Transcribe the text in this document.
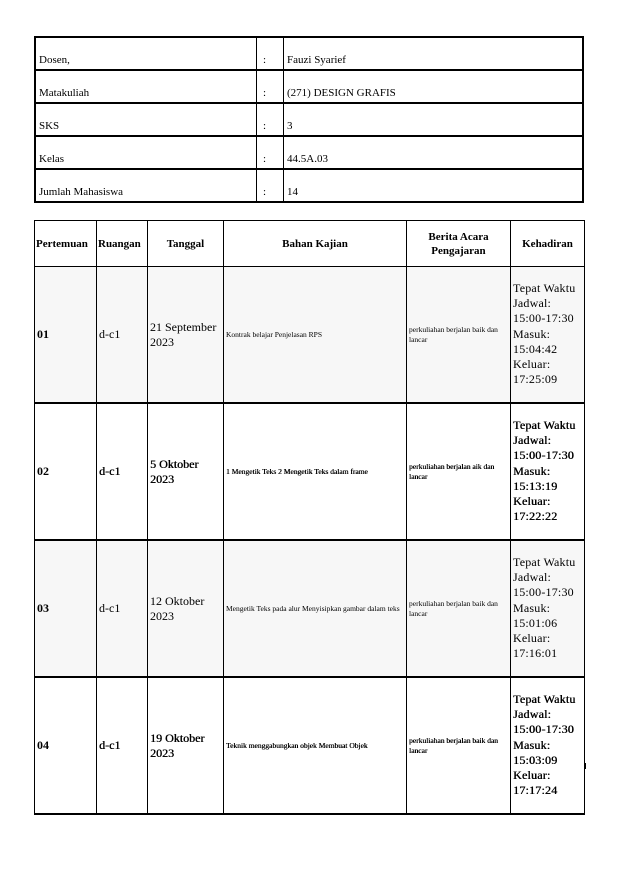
Dosen,	:	Fauzi Syarief
Matakuliah	:	(271) DESIGN GRAFIS
SKS	:	3
Kelas	:	44.5A.03
Jumlah Mahasiswa	:	14
Pertemuan	Ruangan	Tanggal	Bahan Kajian	Berita Acara Pengajaran	Kehadiran
01	d-c1	21 September 2023	Kontrak belajar Penjelasan RPS	perkuliahan berjalan baik dan lancar	Tepat Waktu
Jadwal: 15:00-17:30
Masuk: 15:04:42
Keluar: 17:25:09

02	d-c1	5 Oktober 2023	1 Mengetik Teks 2 Mengetik Teks dalam frame	perkuliahan berjalan aik dan lancar	Tepat Waktu
Jadwal: 15:00-17:30
Masuk: 15:13:19
Keluar: 17:22:22

03	d-c1	12 Oktober 2023	Mengetik Teks pada alur Menyisipkan gambar dalam teks	perkuliahan berjalan baik dan lancar	Tepat Waktu
Jadwal: 15:00-17:30
Masuk: 15:01:06
Keluar: 17:16:01

04	d-c1	19 Oktober 2023	Teknik menggabungkan objek Membuat Objek	perkuliahan berjalan baik dan lancar	Tepat Waktu
Jadwal: 15:00-17:30
Masuk: 15:03:09
Keluar: 17:17:24
